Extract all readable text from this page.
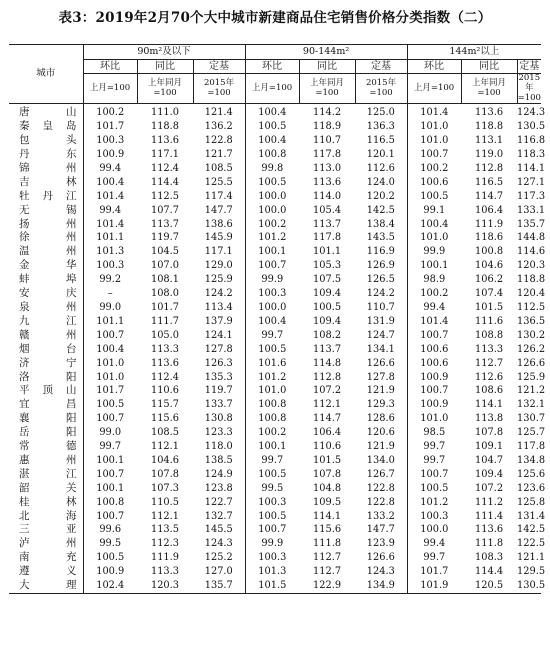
表3：2019年2月70个大中城市新建商品住宅销售价格分类指数（二）
城市	90m²及以下			90-144m²			144m²以上		
	环比	同比	定基	环比	同比	定基	环比	同比	定基
	上月=100	上年同月=100	2015年=100	上月=100	上年同月=100	2015年=100	上月=100	上年同月=100	2015年=100
唐山	100.2	111.0	121.4	100.4	114.2	125.0	101.4	113.6	124.3
秦皇岛	101.7	118.8	136.2	100.5	118.9	136.3	101.0	118.8	130.5
包头	100.3	113.6	122.8	100.4	110.7	116.5	101.0	113.1	116.8
丹东	100.9	117.1	121.7	100.8	117.8	120.1	100.7	119.0	118.3
锦州	99.4	112.4	108.5	99.8	113.0	112.6	100.2	112.8	114.1
吉林	100.4	114.4	125.5	100.5	113.6	124.0	100.6	116.5	127.1
牡丹江	101.4	112.5	117.4	100.0	114.0	120.2	100.5	114.7	117.3
无锡	99.4	107.7	147.7	100.0	105.4	142.5	99.1	106.4	133.1
扬州	101.4	113.7	138.6	100.2	113.7	138.4	100.4	111.9	135.7
徐州	101.1	119.7	145.9	101.2	117.8	143.5	101.0	118.6	144.8
温州	101.3	104.5	117.1	100.1	101.1	116.9	99.9	100.8	114.6
金华	100.3	107.0	129.0	100.7	105.3	126.9	100.1	104.6	120.3
蚌埠	99.2	108.1	125.9	99.9	107.5	126.5	98.9	106.2	118.8
安庆	–	108.0	124.2	100.3	109.4	124.2	100.2	107.4	120.4
泉州	99.0	101.7	113.4	100.0	100.5	110.7	99.4	101.5	112.5
九江	101.1	111.7	137.9	100.4	109.4	131.9	101.4	111.6	136.5
赣州	100.7	105.0	124.1	99.7	108.2	124.7	100.7	108.8	130.2
烟台	100.4	113.3	127.8	100.5	113.7	134.1	100.6	113.3	126.2
济宁	101.0	113.6	126.3	101.6	114.8	126.6	100.6	112.7	126.6
洛阳	101.0	112.4	135.3	101.2	112.8	127.8	100.9	112.6	125.9
平顶山	101.7	110.6	119.7	101.0	107.2	121.9	100.7	108.6	121.2
宜昌	100.5	115.7	133.7	100.8	112.1	129.3	100.9	114.1	132.1
襄阳	100.7	115.6	130.8	100.8	114.7	128.6	101.0	113.8	130.7
岳阳	99.0	108.5	123.3	100.2	106.4	120.6	98.5	107.8	125.7
常德	99.7	112.1	118.0	100.1	110.6	121.9	99.7	109.1	117.8
惠州	100.1	104.6	138.5	99.7	101.5	134.0	99.7	104.7	134.8
湛江	100.7	107.8	124.9	100.5	107.8	126.7	100.7	109.4	125.6
韶关	100.1	107.3	123.8	99.5	104.8	122.8	100.5	107.2	123.6
桂林	100.8	110.5	122.7	100.3	109.5	122.8	101.2	111.2	125.8
北海	100.7	112.1	132.7	100.5	114.1	133.2	100.3	111.4	131.4
三亚	99.6	113.5	145.5	100.7	115.6	147.7	100.0	113.6	142.5
泸州	99.5	112.3	124.3	99.9	111.8	123.9	99.4	111.8	122.5
南充	100.5	111.9	125.2	100.3	112.7	126.6	99.7	108.3	121.1
遵义	100.9	113.3	127.0	101.3	112.7	124.3	101.7	114.4	129.5
大理	102.4	120.3	135.7	101.5	122.9	134.9	101.9	120.5	130.5
